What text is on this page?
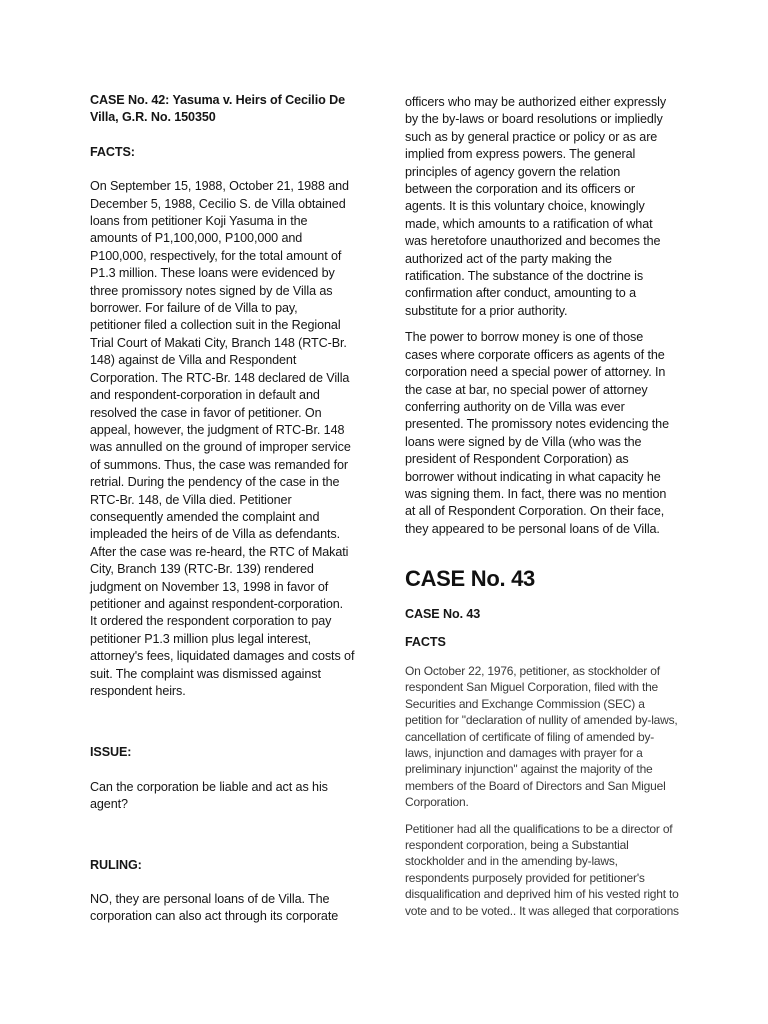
CASE No. 42: Yasuma v. Heirs of Cecilio De
Villa, G.R. No. 150350

FACTS:

On September 15, 1988, October 21, 1988 and
December 5, 1988, Cecilio S. de Villa obtained
loans from petitioner Koji Yasuma in the
amounts of P1,100,000, P100,000 and
P100,000, respectively, for the total amount of
P1.3 million. These loans were evidenced by
three promissory notes signed by de Villa as
borrower. For failure of de Villa to pay,
petitioner filed a collection suit in the Regional
Trial Court of Makati City, Branch 148 (RTC-Br.
148) against de Villa and Respondent
Corporation. The RTC-Br. 148 declared de Villa
and respondent-corporation in default and
resolved the case in favor of petitioner. On
appeal, however, the judgment of RTC-Br. 148
was annulled on the ground of improper service
of summons. Thus, the case was remanded for
retrial. During the pendency of the case in the
RTC-Br. 148, de Villa died. Petitioner
consequently amended the complaint and
impleaded the heirs of de Villa as defendants.
After the case was re-heard, the RTC of Makati
City, Branch 139 (RTC-Br. 139) rendered
judgment on November 13, 1998 in favor of
petitioner and against respondent-corporation.
It ordered the respondent corporation to pay
petitioner P1.3 million plus legal interest,
attorney's fees, liquidated damages and costs of
suit. The complaint was dismissed against
respondent heirs.

ISSUE:

Can the corporation be liable and act as his
agent?

RULING:

NO, they are personal loans of de Villa. The
corporation can also act through its corporate

officers who may be authorized either expressly
by the by-laws or board resolutions or impliedly
such as by general practice or policy or as are
implied from express powers. The general
principles of agency govern the relation
between the corporation and its officers or
agents. It is this voluntary choice, knowingly
made, which amounts to a ratification of what
was heretofore unauthorized and becomes the
authorized act of the party making the
ratification. The substance of the doctrine is
confirmation after conduct, amounting to a
substitute for a prior authority.

The power to borrow money is one of those
cases where corporate officers as agents of the
corporation need a special power of attorney. In
the case at bar, no special power of attorney
conferring authority on de Villa was ever
presented. The promissory notes evidencing the
loans were signed by de Villa (who was the
president of Respondent Corporation) as
borrower without indicating in what capacity he
was signing them. In fact, there was no mention
at all of Respondent Corporation. On their face,
they appeared to be personal loans of de Villa.

CASE No. 43

CASE No. 43

FACTS

On October 22, 1976, petitioner, as stockholder of
respondent San Miguel Corporation, filed with the
Securities and Exchange Commission (SEC) a
petition for "declaration of nullity of amended by-laws,
cancellation of certificate of filing of amended by-
laws, injunction and damages with prayer for a
preliminary injunction" against the majority of the
members of the Board of Directors and San Miguel
Corporation.

Petitioner had all the qualifications to be a director of
respondent corporation, being a Substantial
stockholder and in the amending by-laws,
respondents purposely provided for petitioner's
disqualification and deprived him of his vested right to
vote and to be voted.. It was alleged that corporations
